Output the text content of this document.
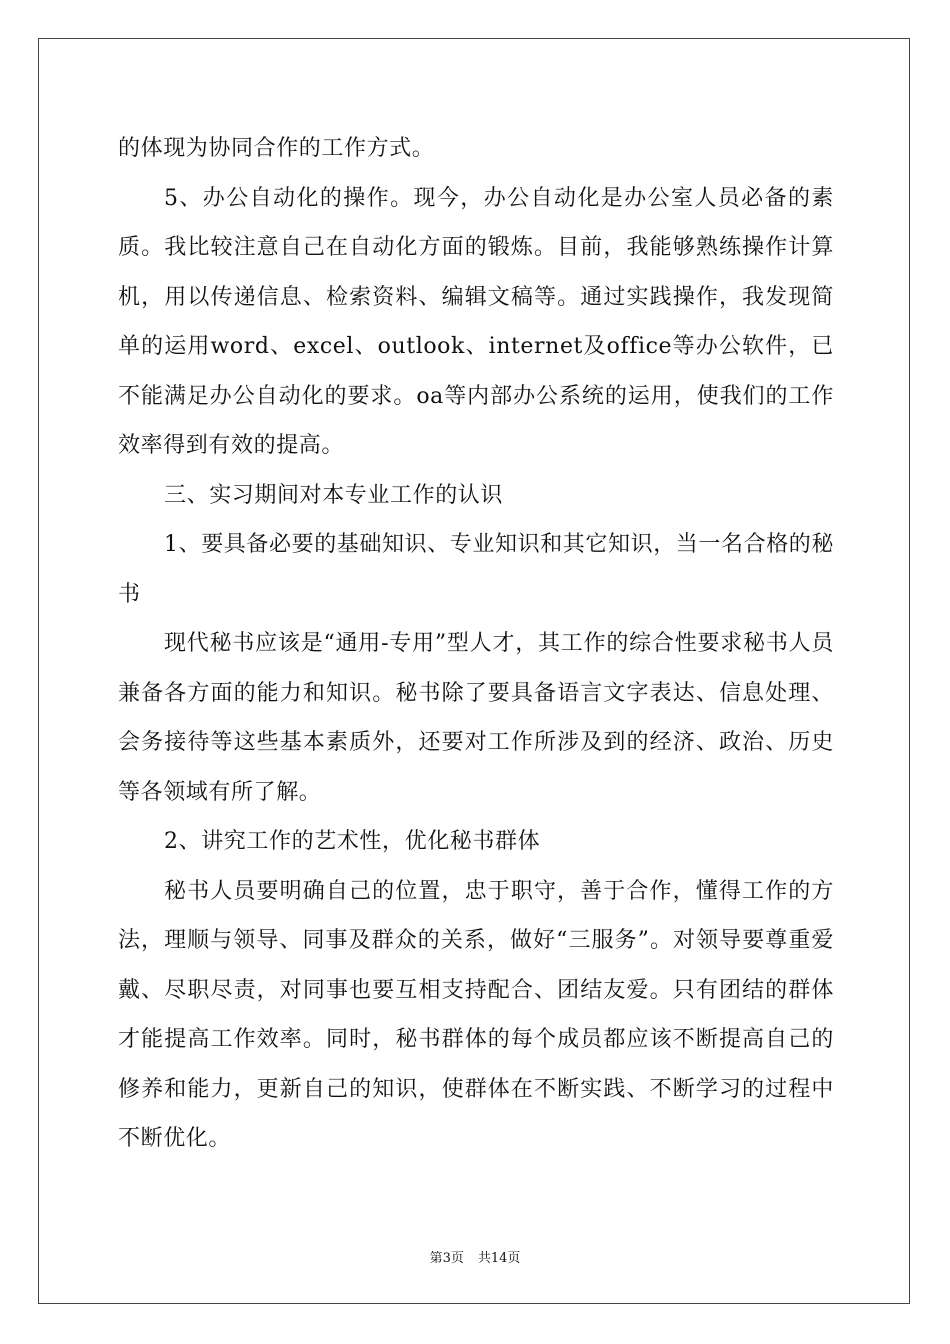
的体现为协同合作的工作方式。

5、办公自动化的操作。现今，办公自动化是办公室人员必备的素质。我比较注意自己在自动化方面的锻炼。目前，我能够熟练操作计算机，用以传递信息、检索资料、编辑文稿等。通过实践操作，我发现简单的运用word、excel、outlook、internet及office等办公软件，已不能满足办公自动化的要求。oa等内部办公系统的运用，使我们的工作效率得到有效的提高。

三、实习期间对本专业工作的认识

1、要具备必要的基础知识、专业知识和其它知识，当一名合格的秘书

现代秘书应该是“通用-专用”型人才，其工作的综合性要求秘书人员兼备各方面的能力和知识。秘书除了要具备语言文字表达、信息处理、会务接待等这些基本素质外，还要对工作所涉及到的经济、政治、历史等各领域有所了解。

2、讲究工作的艺术性，优化秘书群体

秘书人员要明确自己的位置，忠于职守，善于合作，懂得工作的方法，理顺与领导、同事及群众的关系，做好“三服务”。对领导要尊重爱戴、尽职尽责，对同事也要互相支持配合、团结友爱。只有团结的群体才能提高工作效率。同时，秘书群体的每个成员都应该不断提高自己的修养和能力，更新自己的知识，使群体在不断实践、不断学习的过程中不断优化。

第3页 共14页
